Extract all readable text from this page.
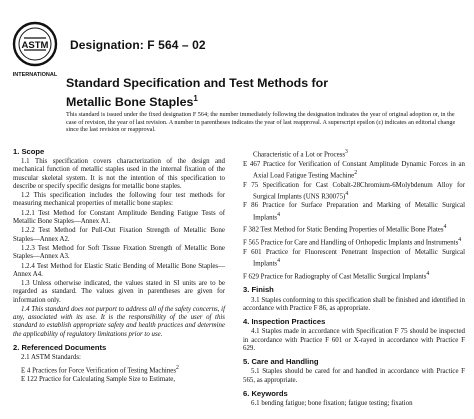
ASTM
INTERNATIONAL
Designation: F 564 – 02
Standard Specification and Test Methods for
Metallic Bone Staples$^1$
This standard is issued under the fixed designation F 564; the number immediately following the designation indicates the year of original adoption or, in the case of revision, the year of last revision. A number in parentheses indicates the year of last reapproval. A superscript epsilon (ε) indicates an editorial change since the last revision or reapproval.
1. Scope
1.1 This specification covers characterization of the design and mechanical function of metallic staples used in the internal fixation of the muscular skeletal system. It is not the intention of this specification to describe or specify specific designs for metallic bone staples.
1.2 This specification includes the following four test methods for measuring mechanical properties of metallic bone staples:
1.2.1 Test Method for Constant Amplitude Bending Fatigue Tests of Metallic Bone Staples—Annex A1.
1.2.2 Test Method for Pull-Out Fixation Strength of Metallic Bone Staples—Annex A2.
1.2.3 Test Method for Soft Tissue Fixation Strength of Metallic Bone Staples—Annex A3.
1.2.4 Test Method for Elastic Static Bending of Metallic Bone Staples—Annex A4.
1.3 Unless otherwise indicated, the values stated in SI units are to be regarded as standard. The values given in parentheses are given for information only.
1.4 This standard does not purport to address all of the safety concerns, if any, associated with its use. It is the responsibility of the user of this standard to establish appropriate safety and health practices and determine the applicability of regulatory limitations prior to use.
2. Referenced Documents
2.1 ASTM Standards:
E 4 Practices for Force Verification of Testing Machines$^2$
E 122 Practice for Calculating Sample Size to Estimate,
Characteristic of a Lot or Process$^3$
E 467 Practice for Verification of Constant Amplitude Dynamic Forces in an Axial Load Fatigue Testing Machine$^2$
F 75 Specification for Cast Cobalt-28Chromium-6Molybdenum Alloy for Surgical Implants (UNS R30075)$^4$
F 86 Practice for Surface Preparation and Marking of Metallic Surgical Implants$^4$
F 382 Test Method for Static Bending Properties of Metallic Bone Plates$^4$
F 565 Practice for Care and Handling of Orthopedic Implants and Instruments$^4$
F 601 Practice for Fluorescent Penetrant Inspection of Metallic Surgical Implants$^4$
F 629 Practice for Radiography of Cast Metallic Surgical Implants$^4$
3. Finish
3.1 Staples conforming to this specification shall be finished and identified in accordance with Practice F 86, as appropriate.
4. Inspection Practices
4.1 Staples made in accordance with Specification F 75 should be inspected in accordance with Practice F 601 or X-rayed in accordance with Practice F 629.
5. Care and Handling
5.1 Staples should be cared for and handled in accordance with Practice F 565, as appropriate.
6. Keywords
6.1 bending fatigue; bone fixation; fatigue testing; fixation
